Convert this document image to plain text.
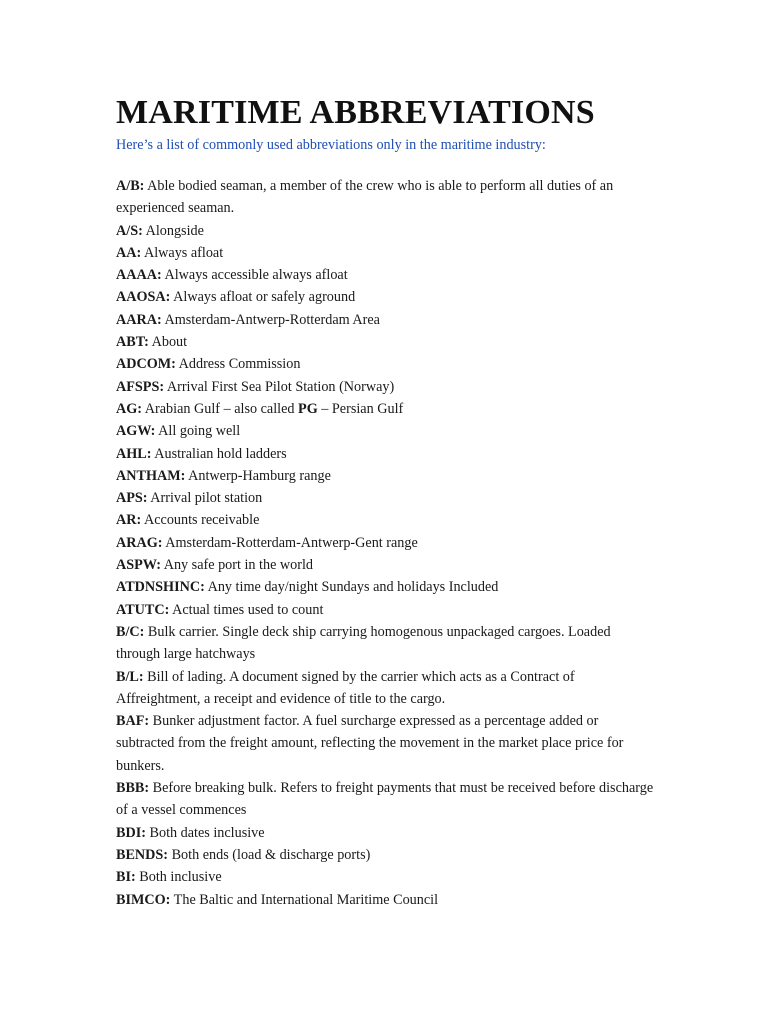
MARITIME ABBREVIATIONS

Here’s a list of commonly used abbreviations only in the maritime industry:

A/B: Able bodied seaman, a member of the crew who is able to perform all duties of an experienced seaman.
A/S: Alongside
AA: Always afloat
AAAA: Always accessible always afloat
AAOSA: Always afloat or safely aground
AARA: Amsterdam-Antwerp-Rotterdam Area
ABT: About
ADCOM: Address Commission
AFSPS: Arrival First Sea Pilot Station (Norway)
AG: Arabian Gulf – also called PG – Persian Gulf
AGW: All going well
AHL: Australian hold ladders
ANTHAM: Antwerp-Hamburg range
APS: Arrival pilot station
AR: Accounts receivable
ARAG: Amsterdam-Rotterdam-Antwerp-Gent range
ASPW: Any safe port in the world
ATDNSHINC: Any time day/night Sundays and holidays Included
ATUTC: Actual times used to count
B/C: Bulk carrier. Single deck ship carrying homogenous unpackaged cargoes. Loaded through large hatchways
B/L: Bill of lading. A document signed by the carrier which acts as a Contract of Affreightment, a receipt and evidence of title to the cargo.
BAF: Bunker adjustment factor. A fuel surcharge expressed as a percentage added or subtracted from the freight amount, reflecting the movement in the market place price for bunkers.
BBB: Before breaking bulk. Refers to freight payments that must be received before discharge of a vessel commences
BDI: Both dates inclusive
BENDS: Both ends (load & discharge ports)
BI: Both inclusive
BIMCO: The Baltic and International Maritime Council
